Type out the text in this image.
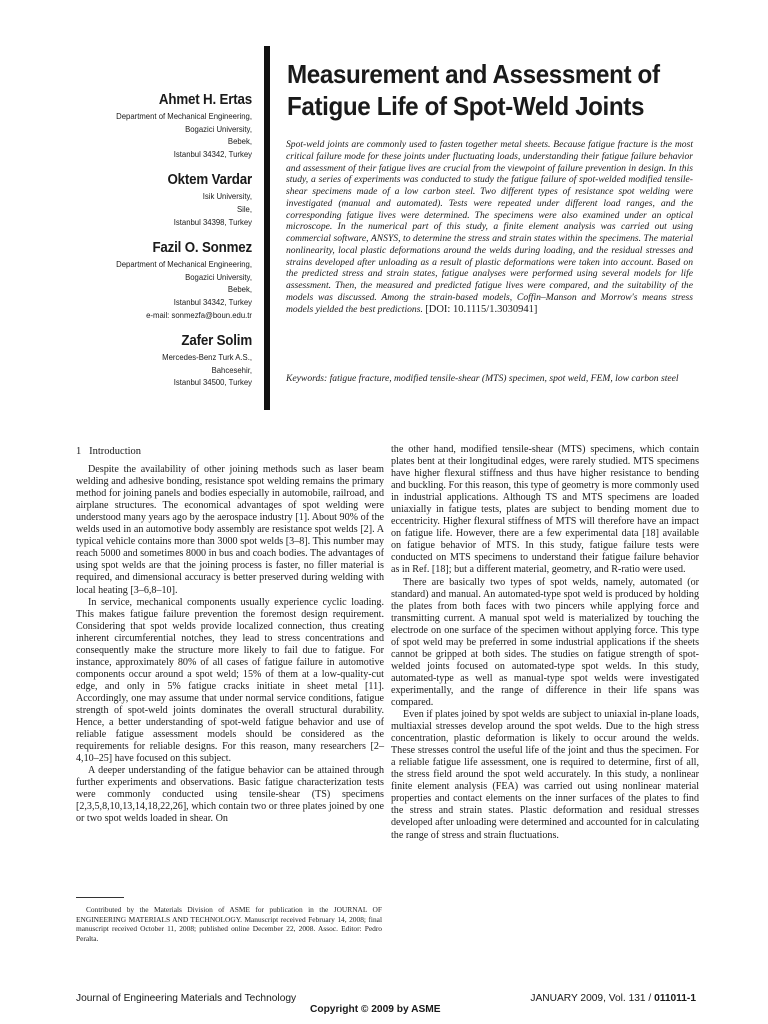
Ahmet H. Ertas
Department of Mechanical Engineering,
Bogazici University,
Bebek,
Istanbul 34342, Turkey
Oktem Vardar
Isik University,
Sile,
Istanbul 34398, Turkey
Fazil O. Sonmez
Department of Mechanical Engineering,
Bogazici University,
Bebek,
Istanbul 34342, Turkey
e-mail: sonmezfa@boun.edu.tr
Zafer Solim
Mercedes-Benz Turk A.S.,
Bahcesehir,
Istanbul 34500, Turkey
Measurement and Assessment of Fatigue Life of Spot-Weld Joints
Spot-weld joints are commonly used to fasten together metal sheets. Because fatigue fracture is the most critical failure mode for these joints under fluctuating loads, understanding their fatigue failure behavior and assessment of their fatigue lives are crucial from the viewpoint of failure prevention in design. In this study, a series of experiments was conducted to study the fatigue failure of spot-welded modified tensile-shear specimens made of a low carbon steel. Two different types of resistance spot welding were investigated (manual and automated). Tests were repeated under different load ranges, and the corresponding fatigue lives were determined. The specimens were also examined under an optical microscope. In the numerical part of this study, a finite element analysis was carried out using commercial software, ANSYS, to determine the stress and strain states within the specimens. The material nonlinearity, local plastic deformations around the welds during loading, and the residual stresses and strains developed after unloading as a result of plastic deformations were taken into account. Based on the predicted stress and strain states, fatigue analyses were performed using several models for life assessment. Then, the measured and predicted fatigue lives were compared, and the suitability of the models was discussed. Among the strain-based models, Coffin–Manson and Morrow's means stress models yielded the best predictions. [DOI: 10.1115/1.3030941]
Keywords: fatigue fracture, modified tensile-shear (MTS) specimen, spot weld, FEM, low carbon steel
1 Introduction

Despite the availability of other joining methods such as laser beam welding and adhesive bonding, resistance spot welding remains the primary method for joining panels and bodies especially in automobile, railroad, and airplane structures. The economical advantages of spot welding were understood many years ago by the aerospace industry [1]. About 90% of the welds used in an automotive body assembly are resistance spot welds [2]. A typical vehicle contains more than 3000 spot welds [3–8]. This number may reach 5000 and sometimes 8000 in bus and coach bodies. The advantages of using spot welds are that the joining process is faster, no filler material is required, and dimensional accuracy is better preserved during welding with local heating [3–6,8–10].

In service, mechanical components usually experience cyclic loading. This makes fatigue failure prevention the foremost design requirement. Considering that spot welds provide localized connection, thus creating inherent circumferential notches, they lead to stress concentrations and consequently make the structure more likely to fail due to fatigue. For instance, approximately 80% of all cases of fatigue failure in automotive components occur around a spot weld; 15% of them at a low-quality-cut edge, and only in 5% fatigue cracks initiate in sheet metal [11]. Accordingly, one may assume that under normal service conditions, fatigue strength of spot-weld joints dominates the overall structural durability. Hence, a better understanding of spot-weld fatigue behavior and use of reliable fatigue assessment models should be considered as the requirements for reliable designs. For this reason, many researchers [2–4,10–25] have focused on this subject.

A deeper understanding of the fatigue behavior can be attained through further experiments and observations. Basic fatigue characterization tests were commonly conducted using tensile-shear (TS) specimens [2,3,5,8,10,13,14,18,22,26], which contain two or three plates joined by one or two spot welds loaded in shear. On

the other hand, modified tensile-shear (MTS) specimens, which contain plates bent at their longitudinal edges, were rarely studied. MTS specimens have higher flexural stiffness and thus have higher resistance to bending and buckling. For this reason, this type of geometry is more commonly used in industrial applications. Although TS and MTS specimens are loaded uniaxially in fatigue tests, plates are subject to bending moment due to eccentricity. Higher flexural stiffness of MTS will therefore have an impact on fatigue life. However, there are a few experimental data [18] available on fatigue behavior of MTS. In this study, fatigue failure tests were conducted on MTS specimens to understand their fatigue failure behavior as in Ref. [18]; but a different material, geometry, and R-ratio were used.

There are basically two types of spot welds, namely, automated (or standard) and manual. An automated-type spot weld is produced by holding the plates from both faces with two pincers while applying force and transmitting current. A manual spot weld is materialized by touching the electrode on one surface of the specimen without applying force. This type of spot weld may be preferred in some industrial applications if the sheets cannot be gripped at both sides. The studies on fatigue strength of spot-welded joints focused on automated-type spot welds. In this study, automated-type as well as manual-type spot welds were investigated experimentally, and the range of difference in their life spans was compared.

Even if plates joined by spot welds are subject to uniaxial in-plane loads, multiaxial stresses develop around the spot welds. Due to the high stress concentration, plastic deformation is likely to occur around the welds. These stresses control the useful life of the joint and thus the specimen. For a reliable fatigue life assessment, one is required to determine, first of all, the stress field around the spot weld accurately. In this study, a nonlinear finite element analysis (FEA) was carried out using nonlinear material properties and contact elements on the inner surfaces of the plates to find the stress and strain states. Plastic deformation and residual stresses developed after unloading were determined and accounted for in calculating the range of stress and strain fluctuations.

Contributed by the Materials Division of ASME for publication in the JOURNAL OF ENGINEERING MATERIALS AND TECHNOLOGY. Manuscript received February 14, 2008; final manuscript received October 11, 2008; published online December 22, 2008. Assoc. Editor: Pedro Peralta.
Journal of Engineering Materials and Technology
Copyright © 2009 by ASME
JANUARY 2009, Vol. 131 / 011011-1
